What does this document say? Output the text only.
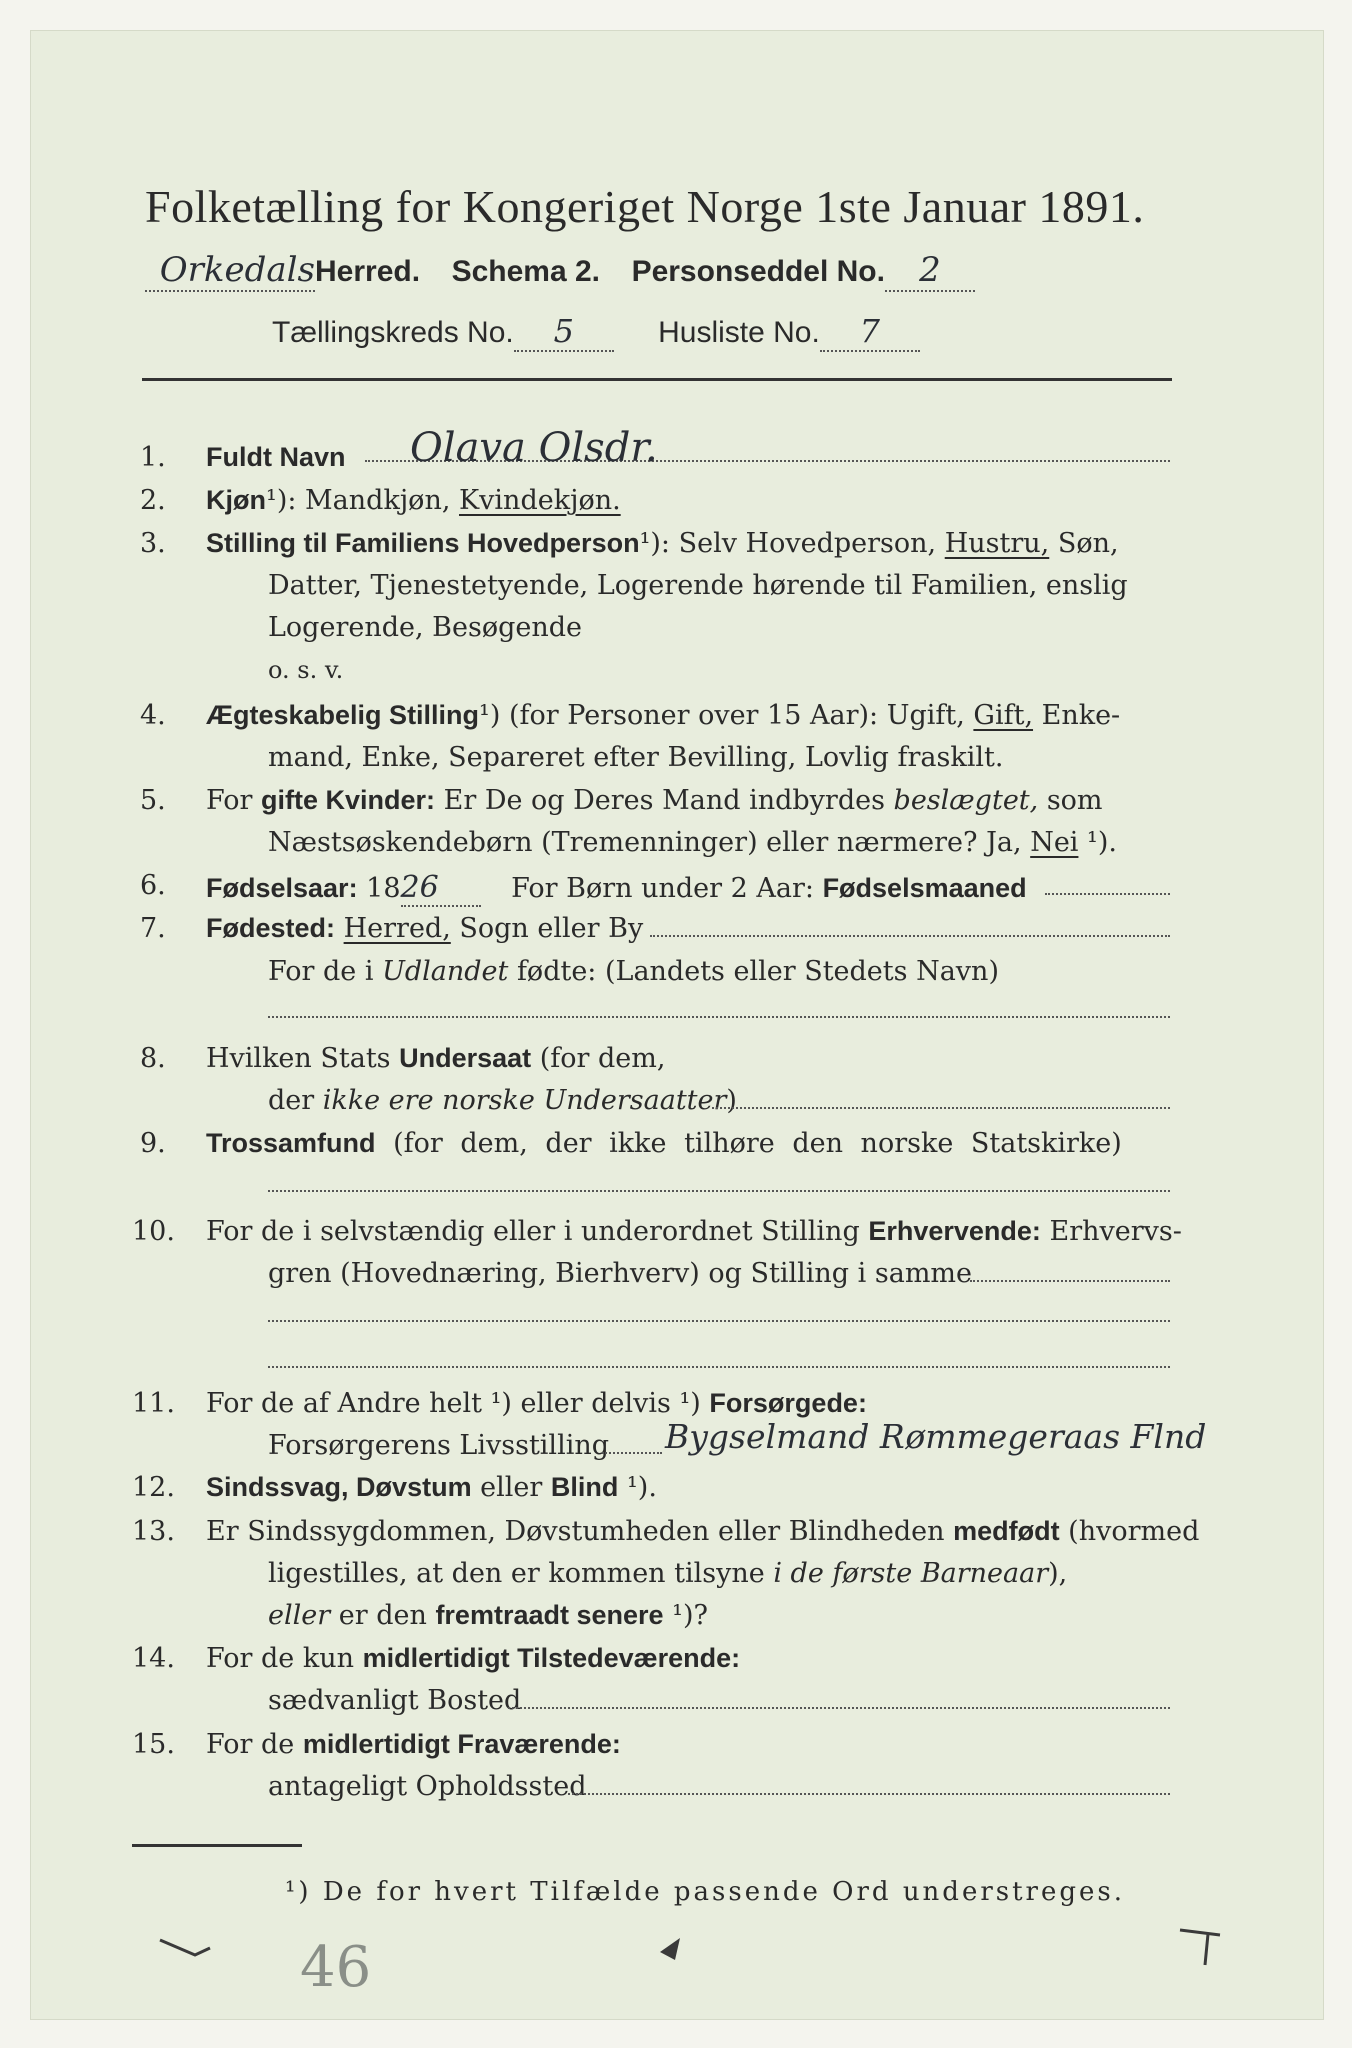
Folketælling for Kongeriget Norge 1ste Januar 1891.
OrkedalsHerred. Schema 2. Personseddel No. 2
Tællingskreds No. 5	Husliste No. 7
1. Fuldt Navn Olava Olsdr.
2. Kjøn¹): Mandkjøn, Kvindekjøn.
3. Stilling til Familiens Hovedperson¹): Selv Hovedperson, Hustru, Søn,
Datter, Tjenestetyende, Logerende hørende til Familien, enslig
Logerende, Besøgende
o. s. v.
4. Ægteskabelig Stilling¹) (for Personer over 15 Aar): Ugift, Gift, Enke-
mand, Enke, Separeret efter Bevilling, Lovlig fraskilt.
5. For gifte Kvinder: Er De og Deres Mand indbyrdes beslægtet, som
Næstsøskendebørn (Tremenninger) eller nærmere? Ja, Nei ¹).
6. Fødselsaar: 1826	For Børn under 2 Aar: Fødselsmaaned
7. Fødested: Herred, Sogn eller By
For de i Udlandet fødte: (Landets eller Stedets Navn)
8. Hvilken Stats Undersaat (for dem,
der ikke ere norske Undersaatter)
9. Trossamfund (for dem, der ikke tilhøre den norske Statskirke)
10. For de i selvstændig eller i underordnet Stilling Erhvervende: Erhvervs-
gren (Hovednæring, Bierhverv) og Stilling i samme
11. For de af Andre helt ¹) eller delvis ¹) Forsørgede:
Forsørgerens Livsstilling Bygselmand Rømmegeraas Flnd
12. Sindssvag, Døvstum eller Blind ¹).
13. Er Sindssygdommen, Døvstumheden eller Blindheden medfødt (hvormed
ligestilles, at den er kommen tilsyne i de første Barneaar),
eller er den fremtraadt senere ¹)?
14. For de kun midlertidigt Tilstedeværende:
sædvanligt Bosted
15. For de midlertidigt Fraværende:
antageligt Opholdssted
¹) De for hvert Tilfælde passende Ord understreges.
46
